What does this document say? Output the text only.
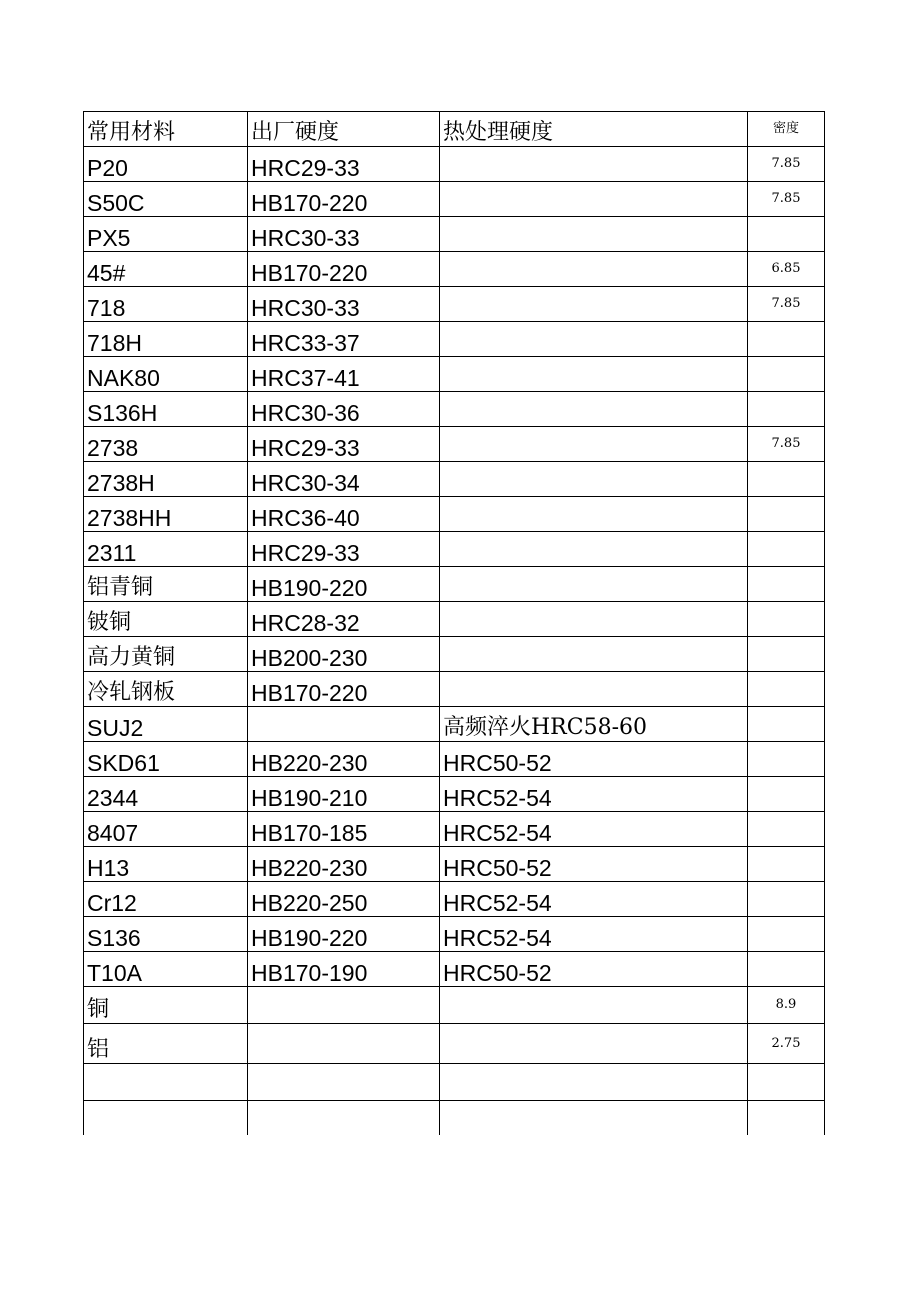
常用材料	出厂硬度	热处理硬度	密度
P20	HRC29-33		7.85
S50C	HB170-220		7.85
PX5	HRC30-33		
45#	HB170-220		6.85
718	HRC30-33		7.85
718H	HRC33-37		
NAK80	HRC37-41		
S136H	HRC30-36		
2738	HRC29-33		7.85
2738H	HRC30-34		
2738HH	HRC36-40		
2311	HRC29-33		
铝青铜	HB190-220		
铍铜	HRC28-32		
高力黄铜	HB200-230		
冷轧钢板	HB170-220		
SUJ2		高频淬火HRC58-60	
SKD61	HB220-230	HRC50-52	
2344	HB190-210	HRC52-54	
8407	HB170-185	HRC52-54	
H13	HB220-230	HRC50-52	
Cr12	HB220-250	HRC52-54	
S136	HB190-220	HRC52-54	
T10A	HB170-190	HRC50-52	
铜			8.9
铝			2.75
